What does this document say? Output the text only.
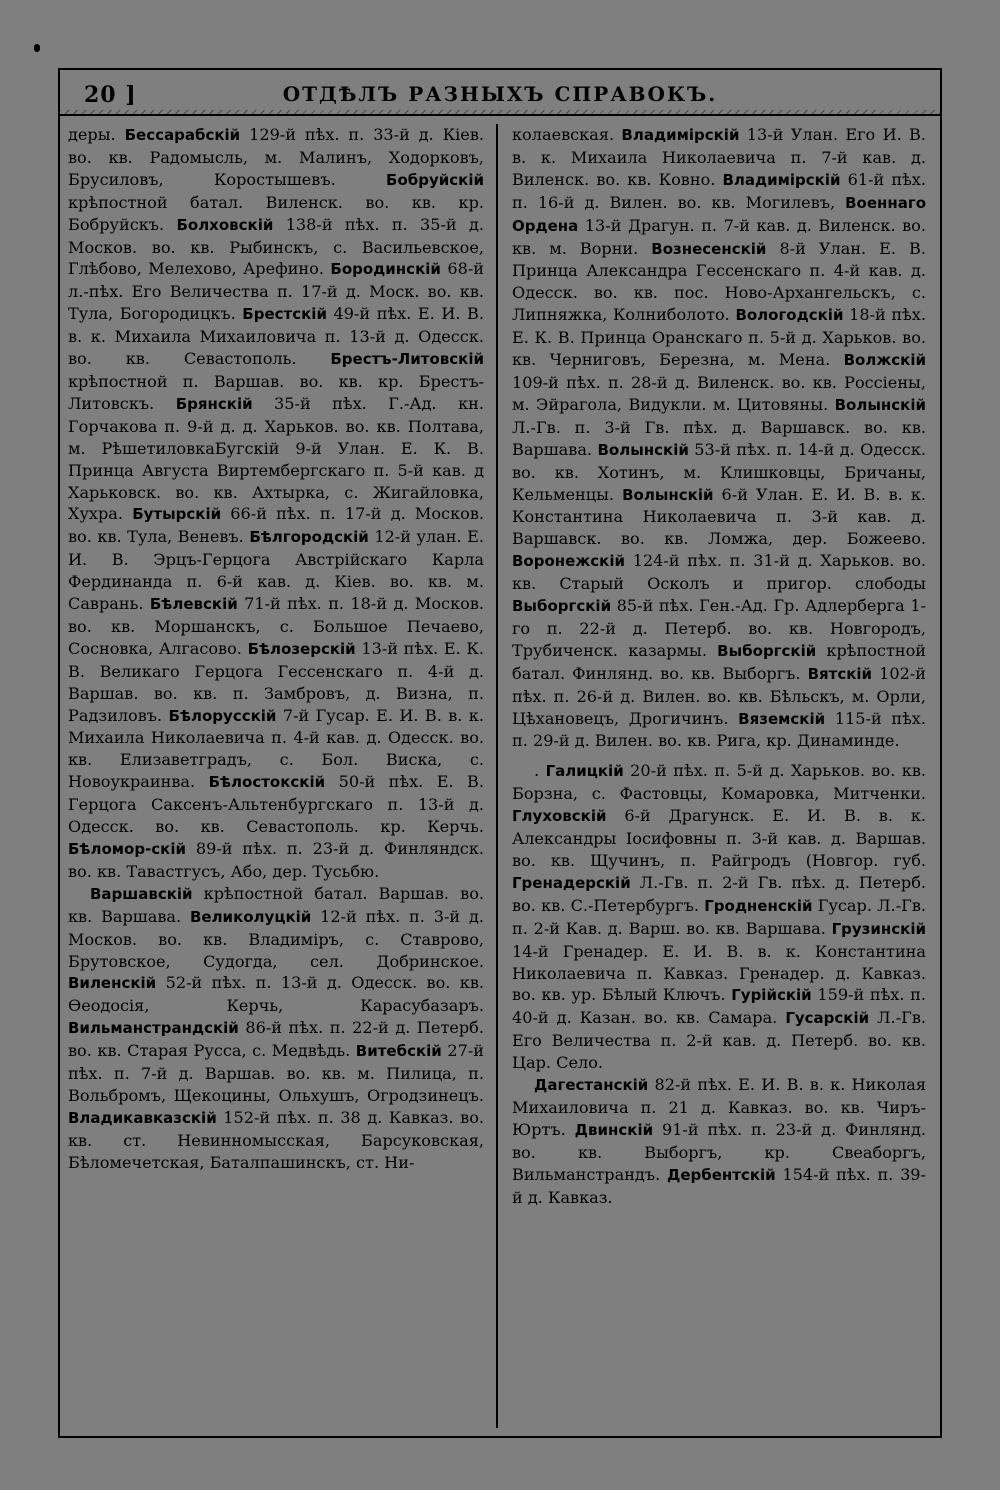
20 ]	ОТДѢЛЪ РАЗНЫХЪ СПРАВОКЪ.

деры. Бессарабскій 129-й пѣх. п. 33-й д. Кіев. во. кв. Радомысль, м. Малинъ, Ходорковъ, Брусиловъ, Коростышевъ. Бобруйскій крѣпостной батал. Виленск. во. кв. кр. Бобруйскъ. Болховскій 138-й пѣх. п. 35-й д. Москов. во. кв. Рыбинскъ, с. Васильевское, Глѣбово, Мелехово, Арефино. Бородинскій 68-й л.-пѣх. Его Величества п. 17-й д. Моск. во. кв. Тула, Богородицкъ. Брестскій 49-й пѣх. Е. И. В. в. к. Михаила Михаиловича п. 13-й д. Одесск. во. кв. Севастополь. Брестъ-Литовскій крѣпостной п. Варшав. во. кв. кр. Брестъ-Литовскъ. Брянскій 35-й пѣх. Г.-Ад. кн. Горчакова п. 9-й д. д. Харьков. во. кв. Полтава, м. РѣшетиловкаБугскій 9-й Улан. Е. К. В. Принца Августа Виртембергскаго п. 5-й кав. д Харьковск. во. кв. Ахтырка, с. Жигайловка, Хухра. Бутырскій 66-й пѣх. п. 17-й д. Москов. во. кв. Тула, Веневъ. Бѣлгородскій 12-й улан. Е. И. В. Эрцъ-Герцога Австрійскаго Карла Фердинанда п. 6-й кав. д. Кіев. во. кв. м. Саврань. Бѣлевскій 71-й пѣх. п. 18-й д. Москов. во. кв. Моршанскъ, с. Большое Печаево, Сосновка, Алгасово. Бѣлозерскій 13-й пѣх. Е. К. В. Великаго Герцога Гессенскаго п. 4-й д. Варшав. во. кв. п. Замбровъ, д. Визна, п. Радзиловъ. Бѣлорусскій 7-й Гусар. Е. И. В. в. к. Михаила Николаевича п. 4-й кав. д. Одесск. во. кв. Елизаветградъ, с. Бол. Виска, с. Новоукраинва. Бѣлостокскій 50-й пѣх. Е. В. Герцога Саксенъ-Альтенбургскаго п. 13-й д. Одесск. во. кв. Севастополь. кр. Керчь. Бѣломор-скій 89-й пѣх. п. 23-й д. Финляндск. во. кв. Тавастгусъ, Або, дер. Тусьбю.

Варшавскій крѣпостной батал. Варшав. во. кв. Варшава. Великолуцкій 12-й пѣх. п. 3-й д. Москов. во. кв. Владиміръ, с. Ставрово, Брутовское, Судогда, сел. Добринское. Виленскій 52-й пѣх. п. 13-й д. Одесск. во. кв. Ѳеодосія, Керчь, Карасубазаръ. Вильманстрандскій 86-й пѣх. п. 22-й д. Петерб. во. кв. Старая Русса, с. Медвѣдь. Витебскій 27-й пѣх. п. 7-й д. Варшав. во. кв. м. Пилица, п. Вольбромъ, Щекоцины, Ольхушъ, Огродзинецъ. Владикавказскій 152-й пѣх. п. 38 д. Кавказ. во. кв. ст. Невинномысская, Барсуковская, Бѣломечетская, Баталпашинскъ, ст. Ни-

колаевская. Владимірскій 13-й Улан. Его И. В. в. к. Михаила Николаевича п. 7-й кав. д. Виленск. во. кв. Ковно. Владимірскій 61-й пѣх. п. 16-й д. Вилен. во. кв. Могилевъ, Военнаго Ордена 13-й Драгун. п. 7-й кав. д. Виленск. во. кв. м. Ворни. Вознесенскій 8-й Улан. Е. В. Принца Александра Гессенскаго п. 4-й кав. д. Одесск. во. кв. пос. Ново-Архангельскъ, с. Липняжка, Колниболото. Вологодскій 18-й пѣх. Е. К. В. Принца Оранскаго п. 5-й д. Харьков. во. кв. Черниговъ, Березна, м. Мена. Волжскій 109-й пѣх. п. 28-й д. Виленск. во. кв. Россіены, м. Эйрагола, Видукли. м. Цитовяны. Волынскій Л.-Гв. п. 3-й Гв. пѣх. д. Варшавск. во. кв. Варшава. Волынскій 53-й пѣх. п. 14-й д. Одесск. во. кв. Хотинъ, м. Клишковцы, Бричаны, Кельменцы. Волынскій 6-й Улан. Е. И. В. в. к. Константина Николаевича п. 3-й кав. д. Варшавск. во. кв. Ломжа, дер. Божеево. Воронежскій 124-й пѣх. п. 31-й д. Харьков. во. кв. Старый Осколъ и пригор. слободы Выборгскій 85-й пѣх. Ген.-Ад. Гр. Адлерберга 1-го п. 22-й д. Петерб. во. кв. Новгородъ, Трубиченск. казармы. Выборгскій крѣпостной батал. Финлянд. во. кв. Выборгъ. Вятскій 102-й пѣх. п. 26-й д. Вилен. во. кв. Бѣльскъ, м. Орли, Цѣхановецъ, Дрогичинъ. Вяземскій 115-й пѣх. п. 29-й д. Вилен. во. кв. Рига, кр. Динаминде.

. Галицкій 20-й пѣх. п. 5-й д. Харьков. во. кв. Борзна, с. Фастовцы, Комаровка, Митченки. Глуховскій 6-й Драгунск. Е. И. В. в. к. Александры Іосифовны п. 3-й кав. д. Варшав. во. кв. Щучинъ, п. Райгродъ (Новгор. губ. Гренадерскій Л.-Гв. п. 2-й Гв. пѣх. д. Петерб. во. кв. С.-Петербургъ. Гродненскій Гусар. Л.-Гв. п. 2-й Кав. д. Варш. во. кв. Варшава. Грузинскій 14-й Гренадер. Е. И. В. в. к. Константина Николаевича п. Кавказ. Гренадер. д. Кавказ. во. кв. ур. Бѣлый Ключъ. Гурійскій 159-й пѣх. п. 40-й д. Казан. во. кв. Самара. Гусарскій Л.-Гв. Его Величества п. 2-й кав. д. Петерб. во. кв. Цар. Село.

Дагестанскій 82-й пѣх. Е. И. В. в. к. Николая Михаиловича п. 21 д. Кавказ. во. кв. Чиръ-Юртъ. Двинскій 91-й пѣх. п. 23-й д. Финлянд. во. кв. Выборгъ, кр. Свеаборгъ, Вильманстрандъ. Дербентскій 154-й пѣх. п. 39-й д. Кавказ.
